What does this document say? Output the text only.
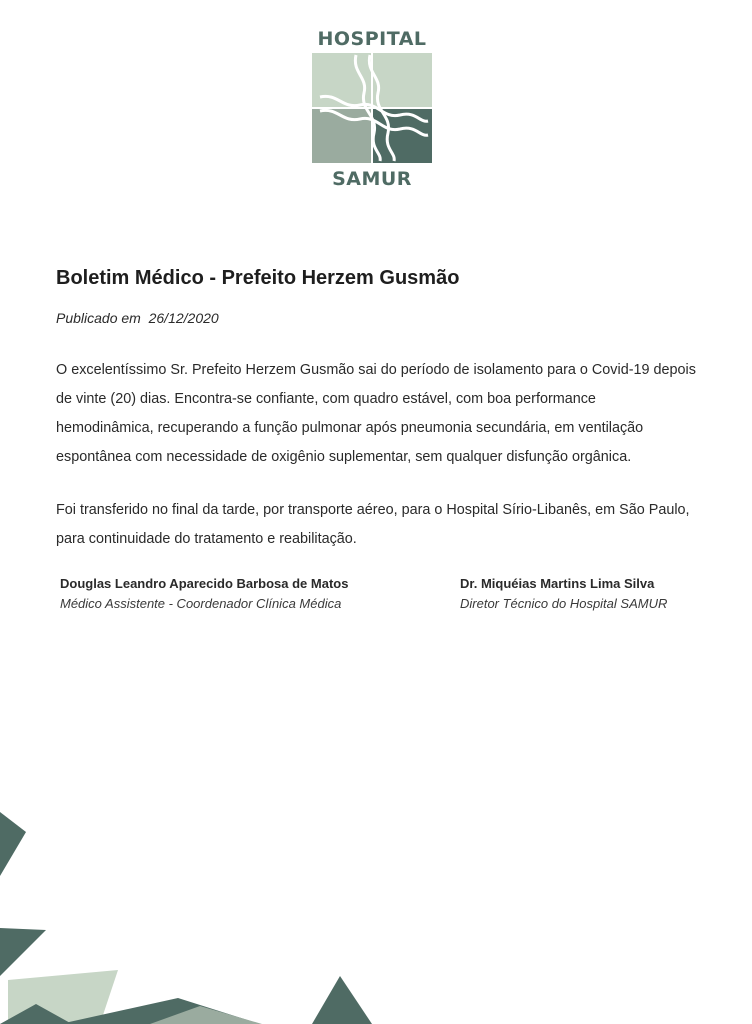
HOSPITAL
SAMUR
Boletim Médico - Prefeito Herzem Gusmão
Publicado em 26/12/2020

O excelentíssimo Sr. Prefeito Herzem Gusmão sai do período de isolamento para o Covid-19 depois de vinte (20) dias. Encontra-se confiante, com quadro estável, com boa performance hemodinâmica, recuperando a função pulmonar após pneumonia secundária, em ventilação espontânea com necessidade de oxigênio suplementar, sem qualquer disfunção orgânica.

Foi transferido no final da tarde, por transporte aéreo, para o Hospital Sírio-Libanês, em São Paulo, para continuidade do tratamento e reabilitação.

Douglas Leandro Aparecido Barbosa de Matos
Médico Assistente - Coordenador Clínica Médica
Dr. Miquéias Martins Lima Silva
Diretor Técnico do Hospital SAMUR
